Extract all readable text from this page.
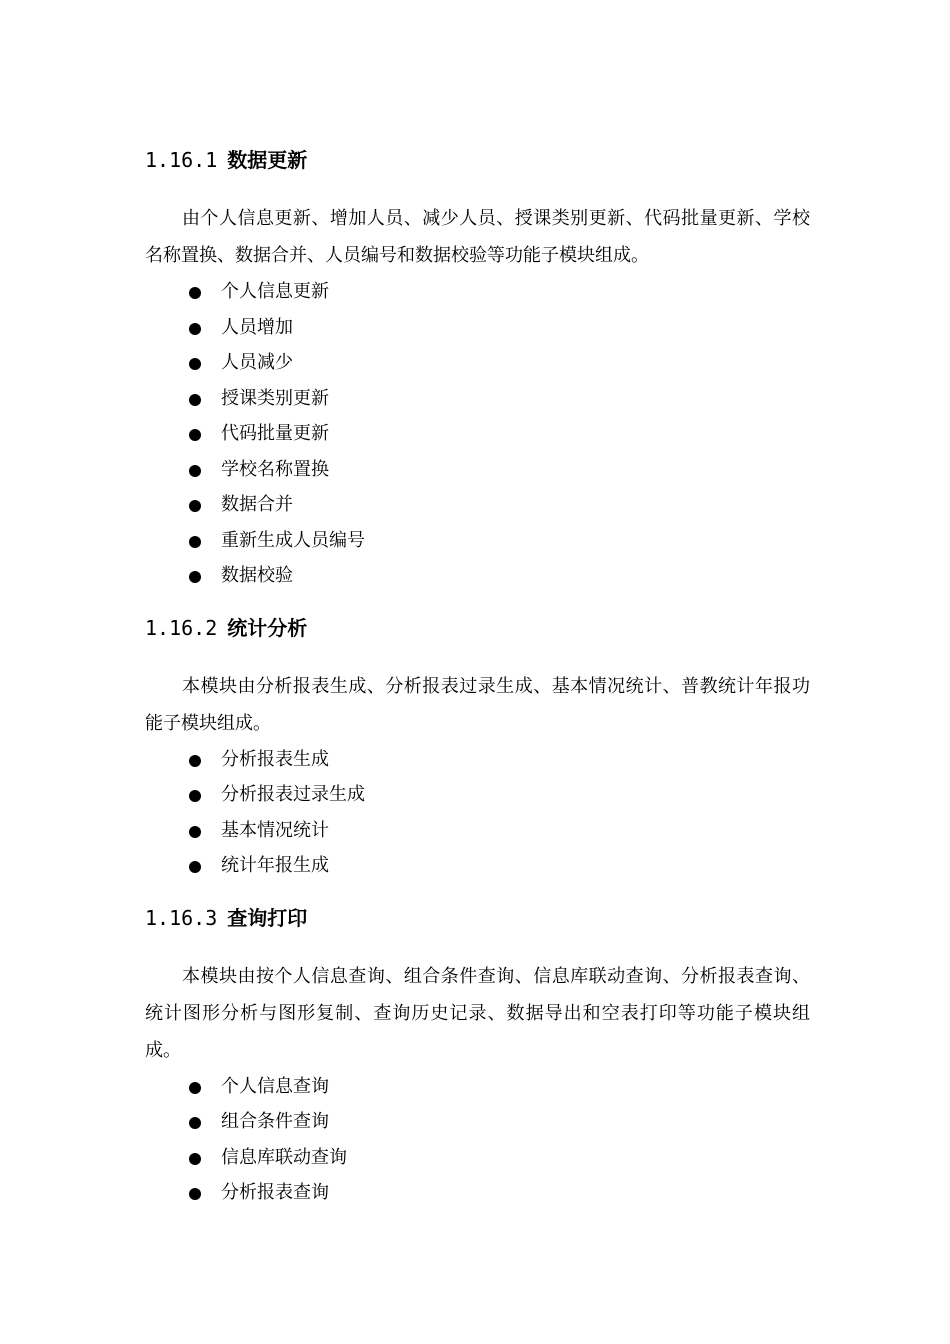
1.16.1 数据更新

由个人信息更新、增加人员、减少人员、授课类别更新、代码批量更新、学校名称置换、数据合并、人员编号和数据校验等功能子模块组成。

个人信息更新
人员增加
人员减少
授课类别更新
代码批量更新
学校名称置换
数据合并
重新生成人员编号
数据校验
1.16.2 统计分析

本模块由分析报表生成、分析报表过录生成、基本情况统计、普教统计年报功能子模块组成。

分析报表生成
分析报表过录生成
基本情况统计
统计年报生成
1.16.3 查询打印

本模块由按个人信息查询、组合条件查询、信息库联动查询、分析报表查询、统计图形分析与图形复制、查询历史记录、数据导出和空表打印等功能子模块组成。

个人信息查询
组合条件查询
信息库联动查询
分析报表查询
